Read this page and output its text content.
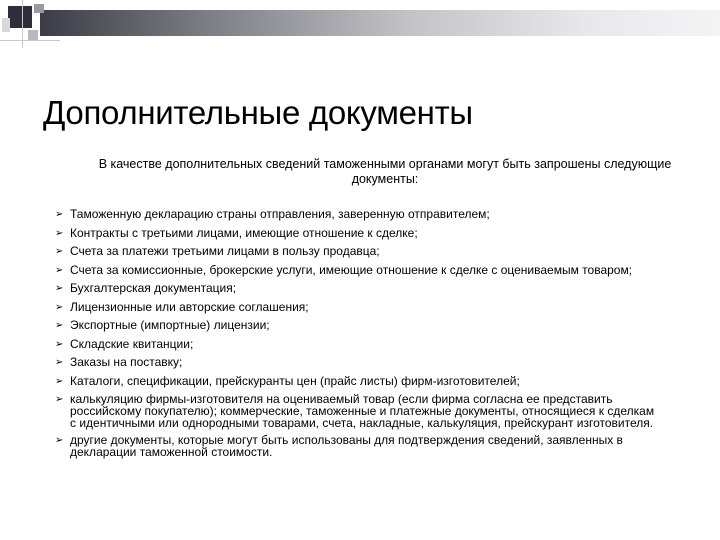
Дополнительные документы
В качестве дополнительных сведений таможенными органами могут быть запрошены следующие документы:
➢ Таможенную декларацию страны отправления, заверенную отправителем;
➢ Контракты с третьими лицами, имеющие отношение к сделке;
➢ Счета за платежи третьими лицами в пользу продавца;
➢ Счета за комиссионные, брокерские услуги, имеющие отношение к сделке с оцениваемым товаром;
➢ Бухгалтерская документация;
➢ Лицензионные или авторские соглашения;
➢ Экспортные (импортные) лицензии;
➢ Складские квитанции;
➢ Заказы на поставку;
➢ Каталоги, спецификации, прейскуранты цен (прайс листы) фирм-изготовителей;
➢ калькуляцию фирмы-изготовителя на оцениваемый товар (если фирма согласна ее представить российскому покупателю); коммерческие, таможенные и платежные документы, относящиеся к сделкам с идентичными или однородными товарами, счета, накладные, калькуляция, прейскурант изготовителя.
➢ другие документы, которые могут быть использованы для подтверждения сведений, заявленных в декларации таможенной стоимости.
